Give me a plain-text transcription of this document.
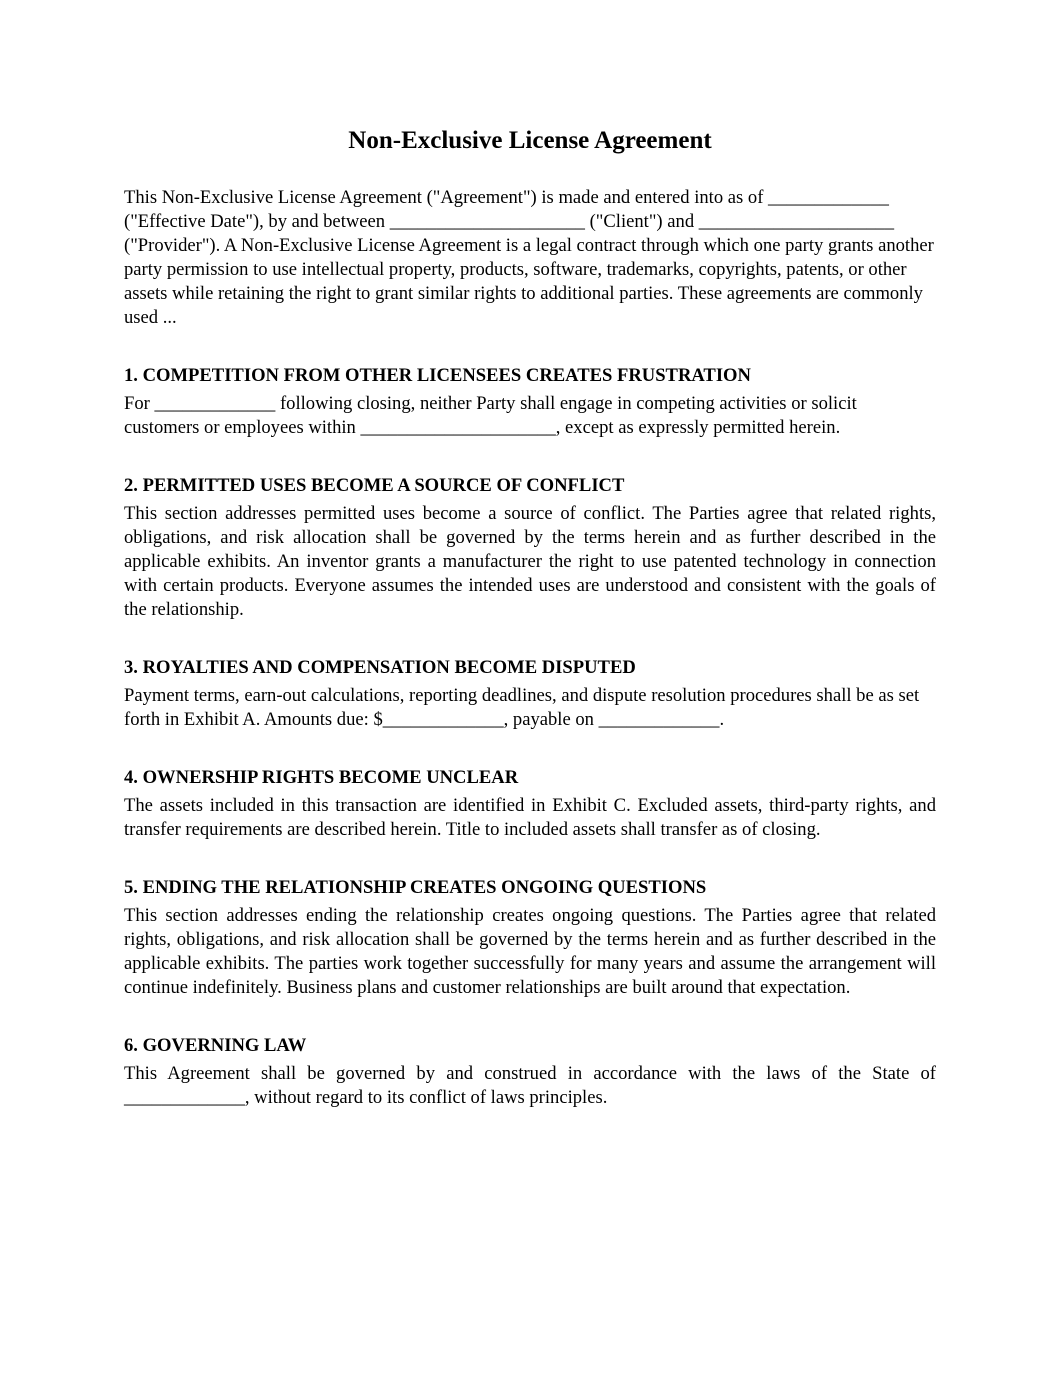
Non-Exclusive License Agreement

This Non-Exclusive License Agreement ("Agreement") is made and entered into as of _____________ ("Effective Date"), by and between _____________________ ("Client") and _____________________ ("Provider"). A Non-Exclusive License Agreement is a legal contract through which one party grants another party permission to use intellectual property, products, software, trademarks, copyrights, patents, or other assets while retaining the right to grant similar rights to additional parties. These agreements are commonly used ...

1. COMPETITION FROM OTHER LICENSEES CREATES FRUSTRATION

For _____________ following closing, neither Party shall engage in competing activities or solicit customers or employees within _____________________, except as expressly permitted herein.

2. PERMITTED USES BECOME A SOURCE OF CONFLICT

This section addresses permitted uses become a source of conflict. The Parties agree that related rights, obligations, and risk allocation shall be governed by the terms herein and as further described in the applicable exhibits. An inventor grants a manufacturer the right to use patented technology in connection with certain products. Everyone assumes the intended uses are understood and consistent with the goals of the relationship.

3. ROYALTIES AND COMPENSATION BECOME DISPUTED

Payment terms, earn-out calculations, reporting deadlines, and dispute resolution procedures shall be as set forth in Exhibit A. Amounts due: $_____________, payable on _____________.

4. OWNERSHIP RIGHTS BECOME UNCLEAR

The assets included in this transaction are identified in Exhibit C. Excluded assets, third-party rights, and transfer requirements are described herein. Title to included assets shall transfer as of closing.

5. ENDING THE RELATIONSHIP CREATES ONGOING QUESTIONS

This section addresses ending the relationship creates ongoing questions. The Parties agree that related rights, obligations, and risk allocation shall be governed by the terms herein and as further described in the applicable exhibits. The parties work together successfully for many years and assume the arrangement will continue indefinitely. Business plans and customer relationships are built around that expectation.

6. GOVERNING LAW

This Agreement shall be governed by and construed in accordance with the laws of the State of _____________, without regard to its conflict of laws principles.
